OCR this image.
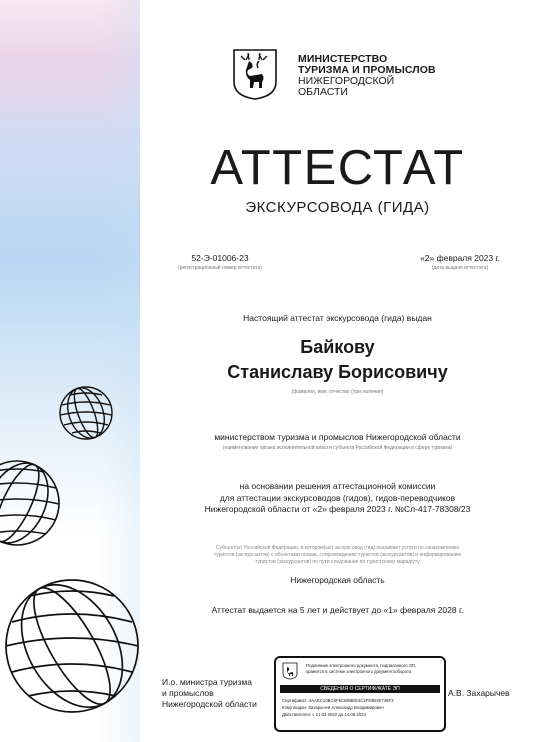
МИНИСТЕРСТВО
ТУРИЗМА И ПРОМЫСЛОВ
НИЖЕГОРОДСКОЙ
ОБЛАСТИ
АТТЕСТАТ
ЭКСКУРСОВОДА (ГИДА)
52-Э-01006-23
(регистрационный номер аттестата)
«2» февраля 2023 г.
(дата выдачи аттестата)
Настоящий аттестат экскурсовода (гида) выдан
Байкову
Станиславу Борисовичу
(фамилия, имя, отчество (при наличии)
министерством туризма и промыслов Нижегородской области
(наименование органа исполнительной власти субъекта Российской Федерации в сфере туризма)
на основании решения аттестационной комиссии
для аттестации экскурсоводов (гидов), гидов-переводчиков
Нижегородской области от «2» февраля 2023 г. №Сл-417-78308/23
Субъект(ы) Российской Федерации, в котором(ых) экскурсовод (гид) оказывает услуги по ознакомлению
туристов (экскурсантов) с объектами показа, сопровождению туристов (экскурсантов) и информированию
туристов (экскурсантов) по пути следования по туристскому маршруту
Нижегородская область
Аттестат выдается на 5 лет и действует до «1» февраля 2028 г.
И.о. министра туризма
и промыслов
Нижегородской области
А.В. Захарычев
Подлинник электронного документа, подписанного ЭП,
хранится в системе электронного документооборота
СВЕДЕНИЯ О СЕРТИФИКАТЕ ЭП
Сертификат: 4AAEC10BC8F5CB0BEE4C2F83B2E746F3
Кому выдан: Захарычев Александр Владимирович
Действителен: с 21.03.2022 до 14.06.2023
